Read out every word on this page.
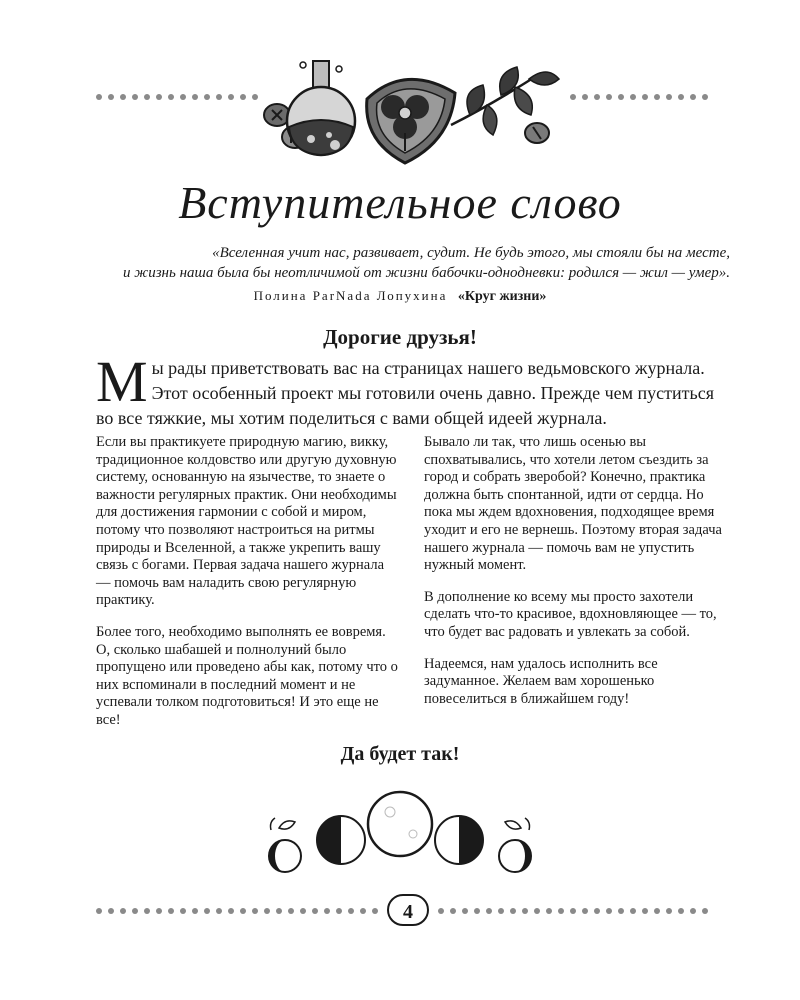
Вступительное слово
«Вселенная учит нас, развивает, судит. Не будь этого, мы стояли бы на месте,
и жизнь наша была бы неотличимой от жизни бабочки-однодневки: родился — жил — умер».
Полина ParNada Лопухина «Круг жизни»
Дорогие друзья!
Мы рады приветствовать вас на страницах нашего ведьмовского журнала. Этот особенный проект мы готовили очень давно. Прежде чем пуститься во все тяжкие, мы хотим поделиться с вами общей идеей журнала.

Если вы практикуете природную магию, викку, традиционное колдовство или другую духовную систему, основанную на язычестве, то знаете о важности регулярных практик. Они необходимы для достижения гармонии с собой и миром, потому что позволяют настроиться на ритмы природы и Вселенной, а также укрепить вашу связь с богами. Первая задача нашего журнала — помочь вам наладить свою регулярную практику.

Более того, необходимо выполнять ее вовремя. О, сколько шабашей и полнолуний было пропущено или проведено абы как, потому что о них вспоминали в последний момент и не успевали толком подготовиться! И это еще не все!

Бывало ли так, что лишь осенью вы спохватывались, что хотели летом съездить за город и собрать зверобой? Конечно, практика должна быть спонтанной, идти от сердца. Но пока мы ждем вдохновения, подходящее время уходит и его не вернешь. Поэтому вторая задача нашего журнала — помочь вам не упустить нужный момент.

В дополнение ко всему мы просто захотели сделать что-то красивое, вдохновляющее — то, что будет вас радовать и увлекать за собой.

Надеемся, нам удалось исполнить все задуманное. Желаем вам хорошенько повеселиться в ближайшем году!

Да будет так!
4
